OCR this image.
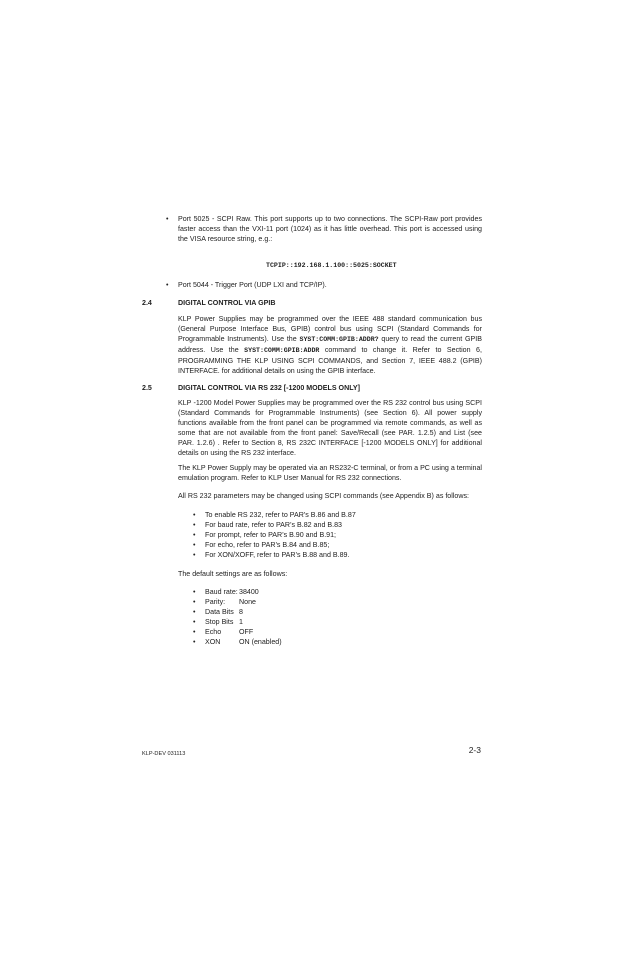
• Port 5025 - SCPI Raw. This port supports up to two connections. The SCPI-Raw port provides faster access than the VXI-11 port (1024) as it has little overhead. This port is accessed using the VISA resource string, e.g.:
TCPIP::192.168.1.100::5025:SOCKET
• Port 5044 - Trigger Port (UDP LXI and TCP/IP).
2.4	DIGITAL CONTROL VIA GPIB

KLP Power Supplies may be programmed over the IEEE 488 standard communication bus (General Purpose Interface Bus, GPIB) control bus using SCPI (Standard Commands for Programmable Instruments). Use the SYST:COMM:GPIB:ADDR? query to read the current GPIB address. Use the SYST:COMM:GPIB:ADDR command to change it. Refer to Section 6, PROGRAMMING THE KLP USING SCPI COMMANDS, and Section 7, IEEE 488.2 (GPIB) INTERFACE. for additional details on using the GPIB interface.

2.5	DIGITAL CONTROL VIA RS 232 [-1200 MODELS ONLY]

KLP -1200 Model Power Supplies may be programmed over the RS 232 control bus using SCPI (Standard Commands for Programmable Instruments) (see Section 6). All power supply functions available from the front panel can be programmed via remote commands, as well as some that are not available from the front panel: Save/Recall (see PAR. 1.2.5) and List (see PAR. 1.2.6) . Refer to Section 8, RS 232C INTERFACE [-1200 MODELS ONLY] for additional details on using the RS 232 interface.

The KLP Power Supply may be operated via an RS232-C terminal, or from a PC using a terminal emulation program. Refer to KLP User Manual for RS 232 connections.

All RS 232 parameters may be changed using SCPI commands (see Appendix B) as follows:

• To enable RS 232, refer to PAR’s B.86 and B.87
• For baud rate, refer to PAR’s B.82 and B.83
• For prompt, refer to PAR’s B.90 and B.91;
• For echo, refer to PAR’s B.84 and B.85;
• For XON/XOFF, refer to PAR’s B.88 and B.89.

The default settings are as follows:

• Baud rate:38400
• Parity: None
• Data Bits 8
• Stop Bits 1
• Echo	OFF
• XON	ON (enabled)
KLP-DEV 031113	2-3
